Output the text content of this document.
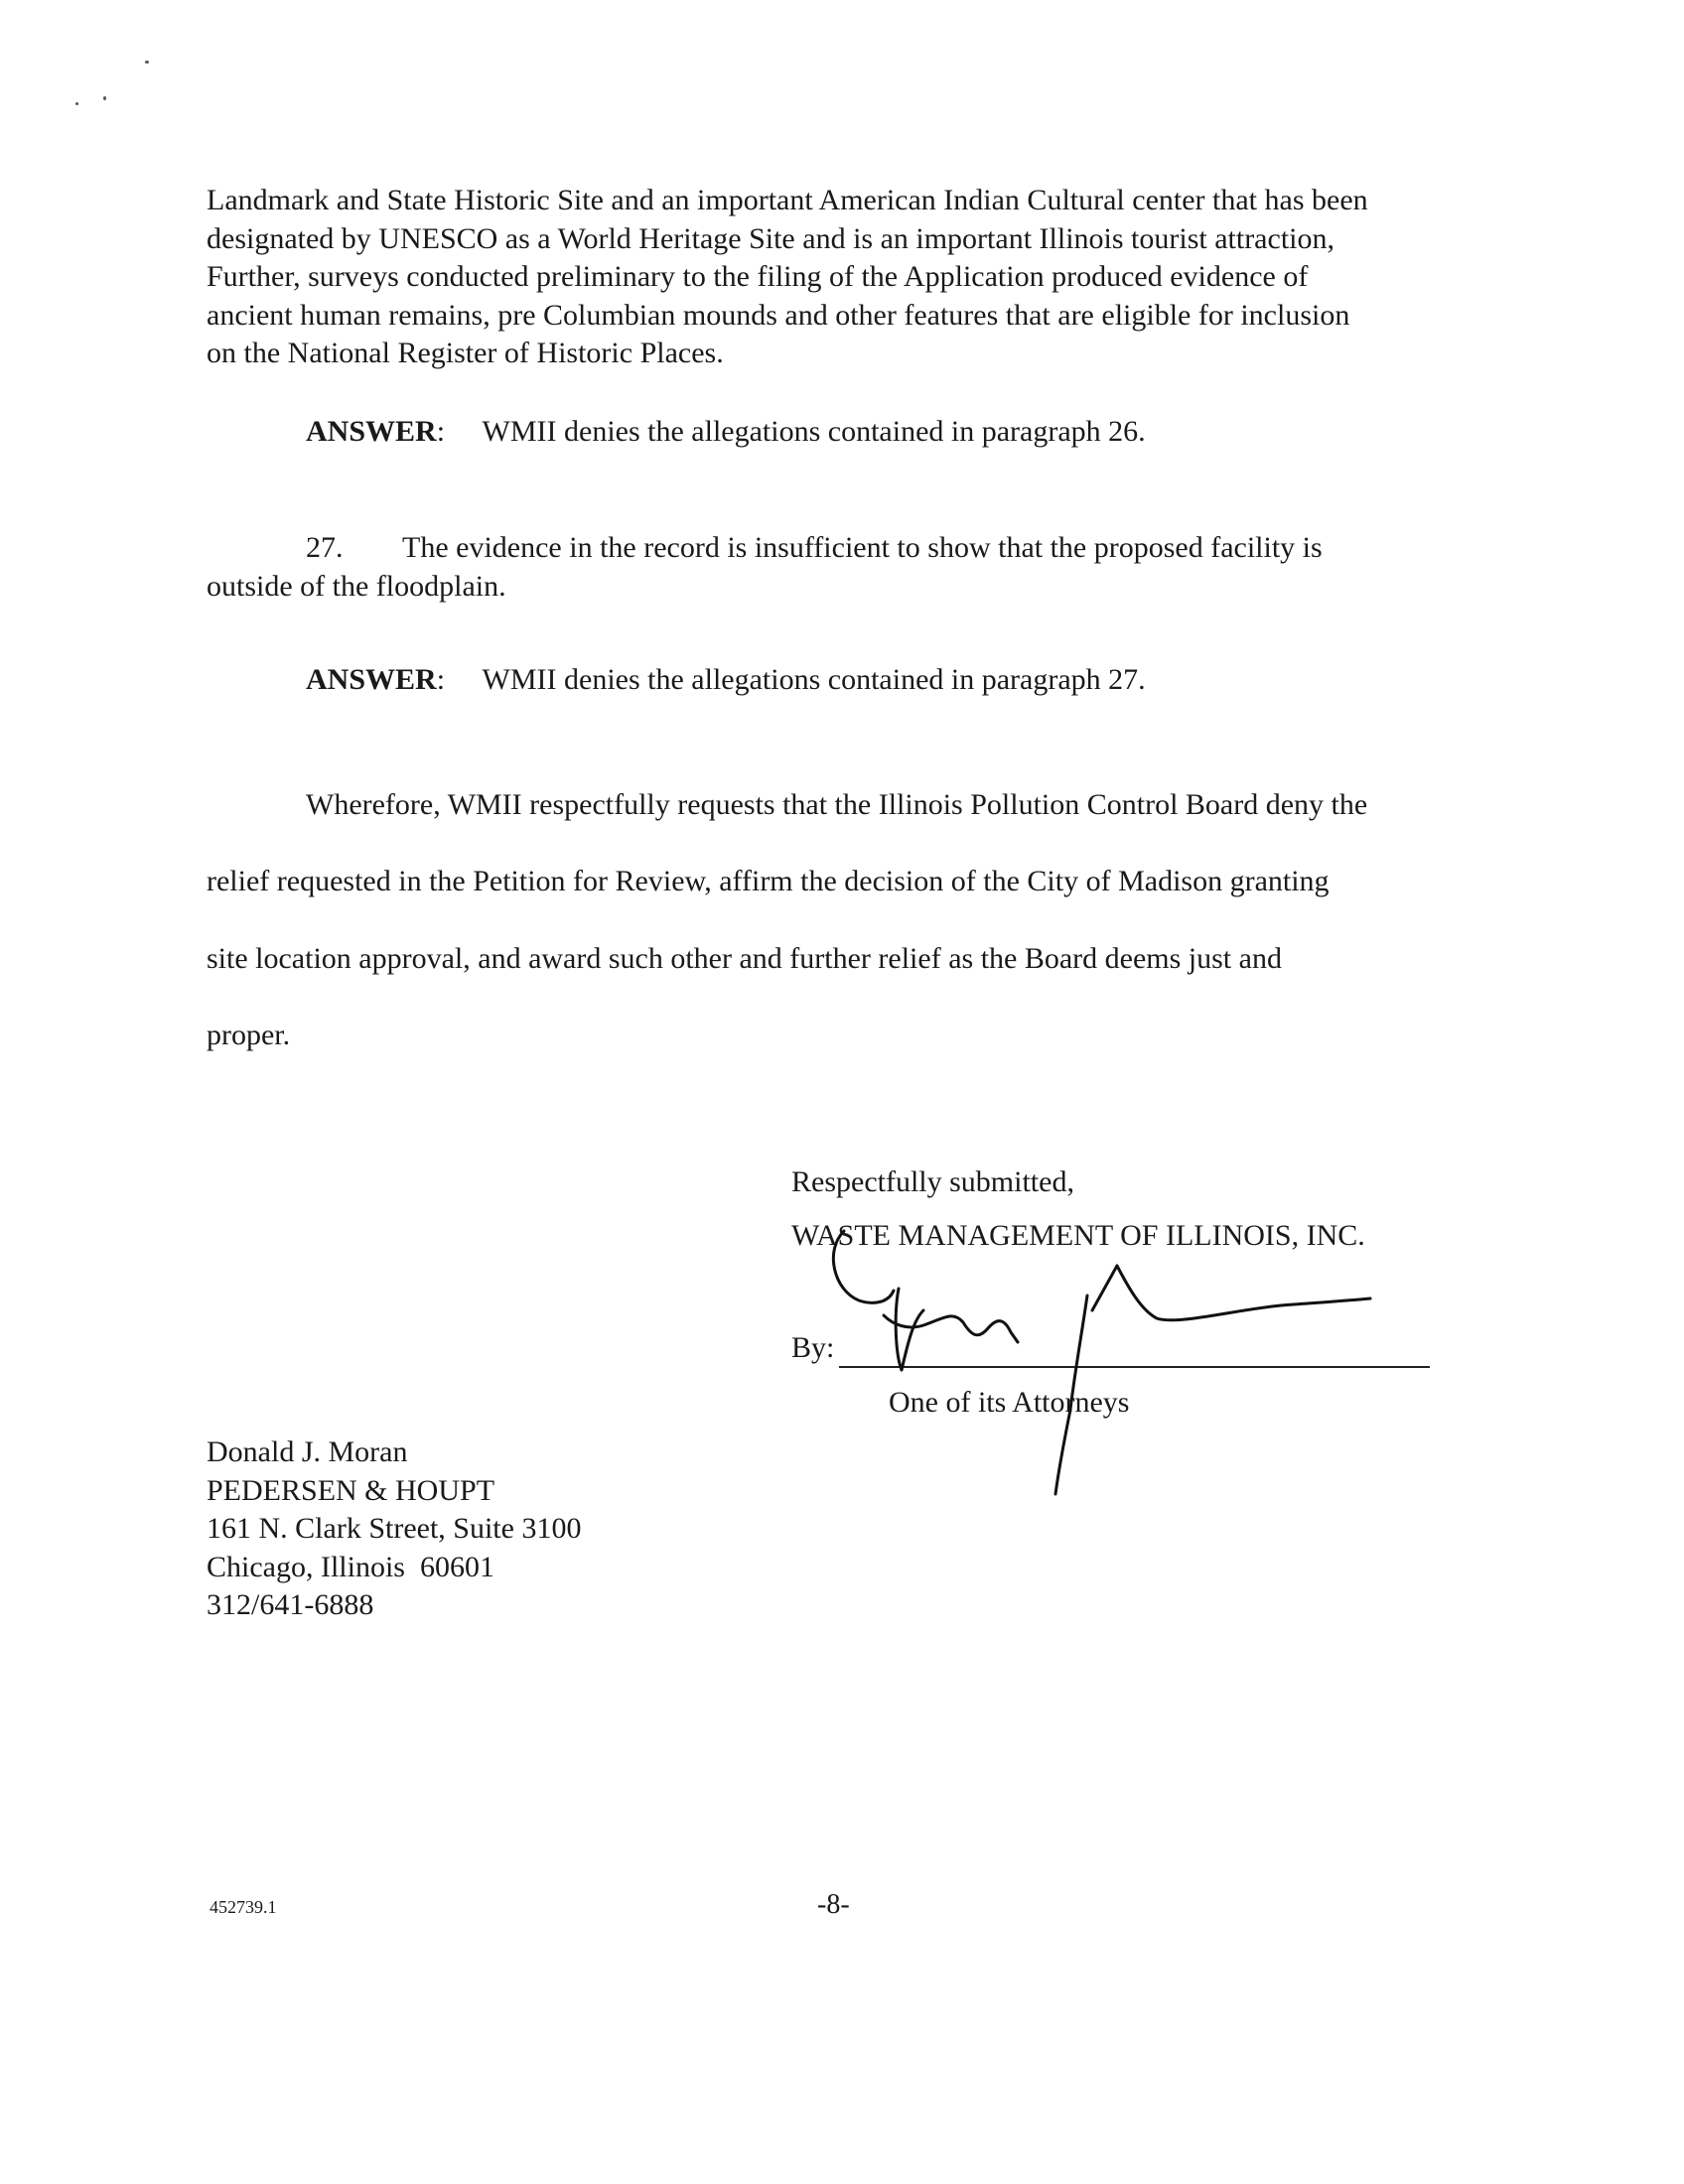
Landmark and State Historic Site and an important American Indian Cultural center that has been
designated by UNESCO as a World Heritage Site and is an important Illinois tourist attraction,
Further, surveys conducted preliminary to the filing of the Application produced evidence of
ancient human remains, pre Columbian mounds and other features that are eligible for inclusion
on the National Register of Historic Places.
ANSWER: WMII denies the allegations contained in paragraph 26.
27. The evidence in the record is insufficient to show that the proposed facility is
outside of the floodplain.
ANSWER: WMII denies the allegations contained in paragraph 27.
Wherefore, WMII respectfully requests that the Illinois Pollution Control Board deny the
relief requested in the Petition for Review, affirm the decision of the City of Madison granting
site location approval, and award such other and further relief as the Board deems just and
proper.
Respectfully submitted,
WASTE MANAGEMENT OF ILLINOIS, INC.
By:
One of its Attorneys
Donald J. Moran
PEDERSEN & HOUPT
161 N. Clark Street, Suite 3100
Chicago, Illinois  60601
312/641-6888
452739.1	-8-
